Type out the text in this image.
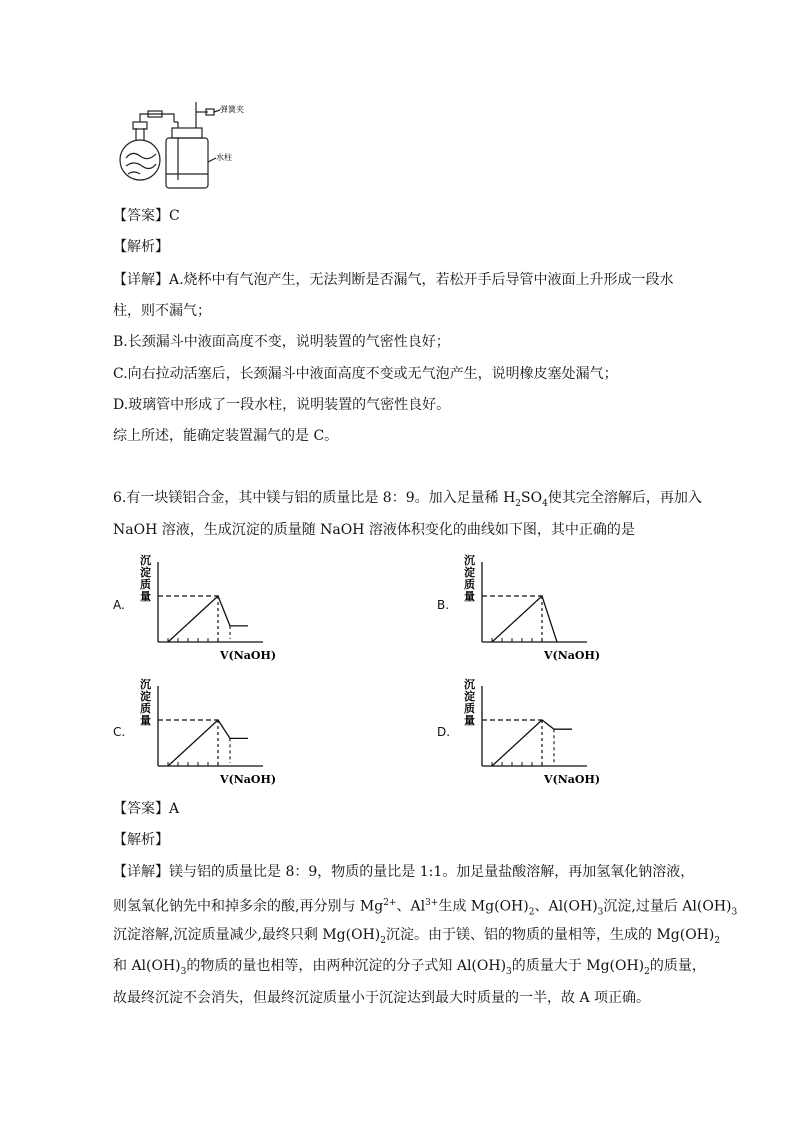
弹簧夹
水柱
【答案】C
【解析】
【详解】A.烧杯中有气泡产生，无法判断是否漏气，若松开手后导管中液面上升形成一段水
柱，则不漏气；
B.长颈漏斗中液面高度不变，说明装置的气密性良好；
C.向右拉动活塞后，长颈漏斗中液面高度不变或无气泡产生，说明橡皮塞处漏气；
D.玻璃管中形成了一段水柱，说明装置的气密性良好。
综上所述，能确定装置漏气的是 C。
6.有一块镁铝合金，其中镁与铝的质量比是 8：9。加入足量稀 $H_2SO_4$使其完全溶解后，再加入
NaOH 溶液，生成沉淀的质量随 NaOH 溶液体积变化的曲线如下图，其中正确的是
A.	B.
C.	D.
沉
淀
质
量
V(NaOH)
沉
淀
质
量
V(NaOH)
沉
淀
质
量
V(NaOH)
沉
淀
质
量
V(NaOH)
【答案】A
【解析】
【详解】镁与铝的质量比是 8：9，物质的量比是 1:1。加足量盐酸溶解，再加氢氧化钠溶液，
则氢氧化钠先中和掉多余的酸,再分别与 $Mg^{2+}$、$Al^{3+}$生成 $Mg(OH)_2$、$Al(OH)_3$沉淀,过量后 $Al(OH)_3$
沉淀溶解,沉淀质量减少,最终只剩 $Mg(OH)_2$沉淀。由于镁、铝的物质的量相等，生成的 $Mg(OH)_2$
和 $Al(OH)_3$的物质的量也相等，由两种沉淀的分子式知 $Al(OH)_3$的质量大于 $Mg(OH)_2$的质量，
故最终沉淀不会消失，但最终沉淀质量小于沉淀达到最大时质量的一半，故 A 项正确。
